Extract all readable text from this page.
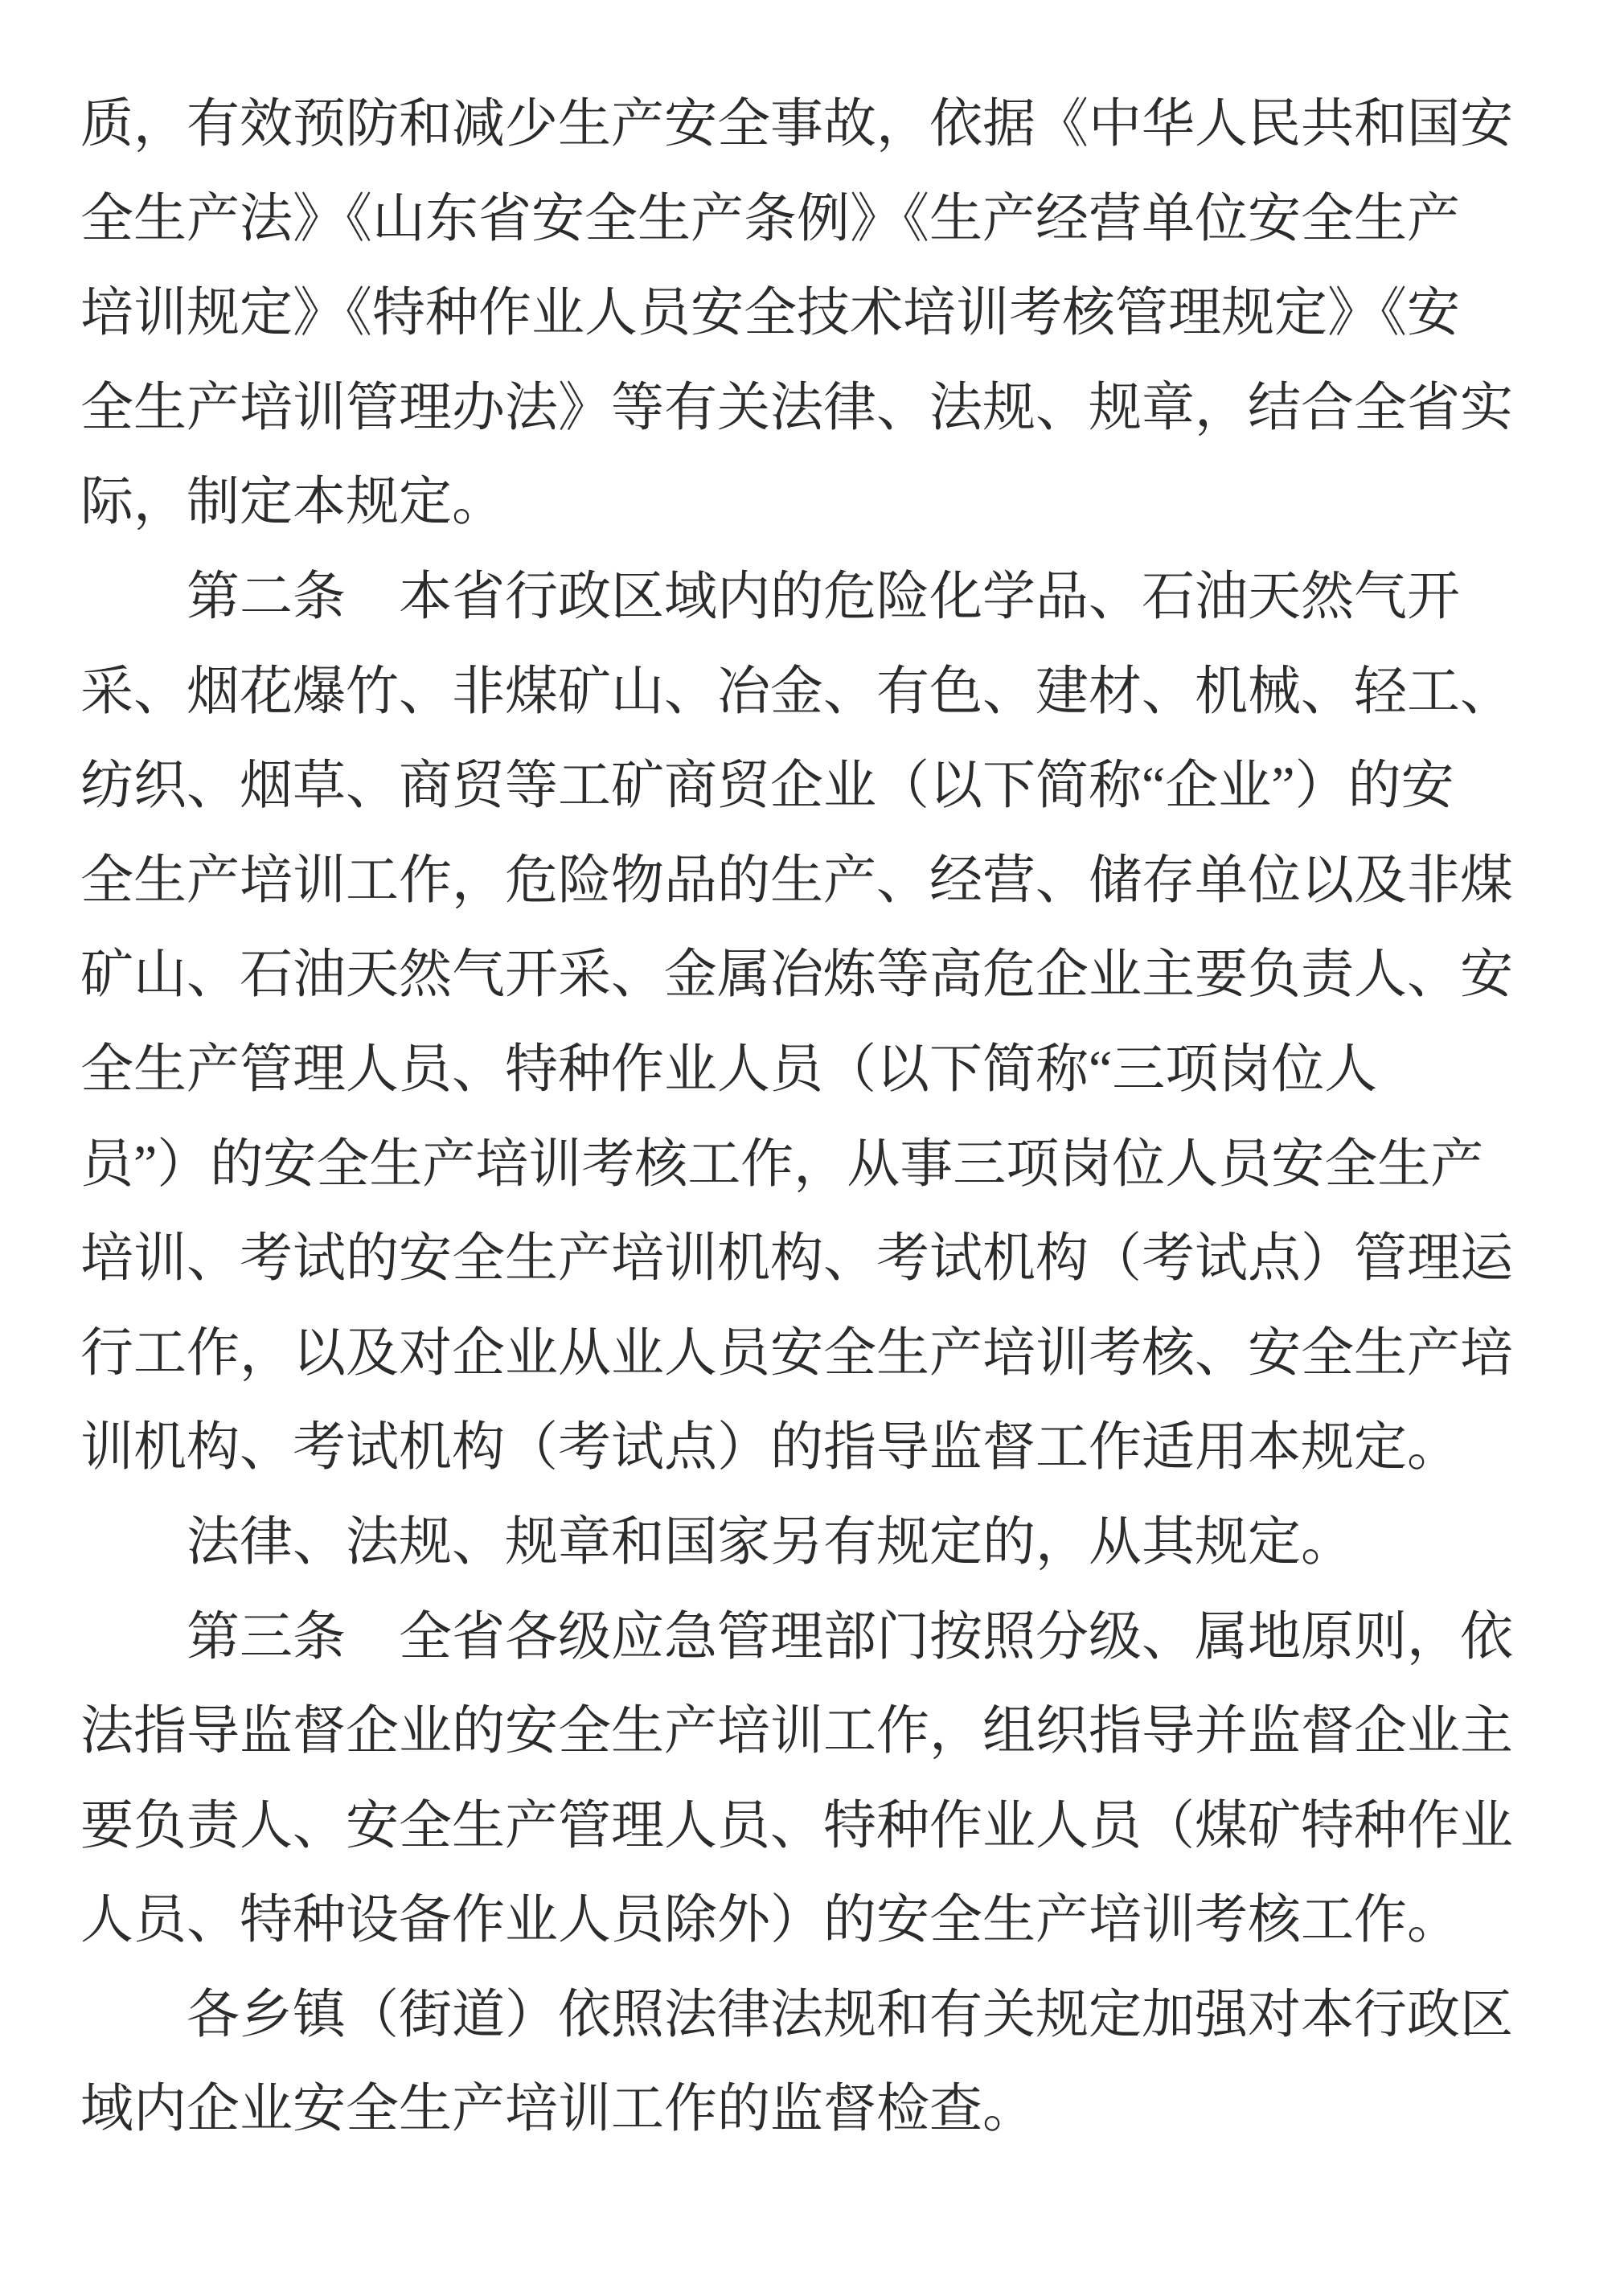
质，有效预防和减少生产安全事故，依据《中华人民共和国安
全生产法》《山东省安全生产条例》《生产经营单位安全生产
培训规定》《特种作业人员安全技术培训考核管理规定》《安
全生产培训管理办法》等有关法律、法规、规章，结合全省实
际，制定本规定。
　　第二条　本省行政区域内的危险化学品、石油天然气开
采、烟花爆竹、非煤矿山、冶金、有色、建材、机械、轻工、
纺织、烟草、商贸等工矿商贸企业（以下简称“企业”）的安
全生产培训工作，危险物品的生产、经营、储存单位以及非煤
矿山、石油天然气开采、金属冶炼等高危企业主要负责人、安
全生产管理人员、特种作业人员（以下简称“三项岗位人
员”）的安全生产培训考核工作，从事三项岗位人员安全生产
培训、考试的安全生产培训机构、考试机构（考试点）管理运
行工作，以及对企业从业人员安全生产培训考核、安全生产培
训机构、考试机构（考试点）的指导监督工作适用本规定。
　　法律、法规、规章和国家另有规定的，从其规定。
　　第三条　全省各级应急管理部门按照分级、属地原则，依
法指导监督企业的安全生产培训工作，组织指导并监督企业主
要负责人、安全生产管理人员、特种作业人员（煤矿特种作业
人员、特种设备作业人员除外）的安全生产培训考核工作。
　　各乡镇（街道）依照法律法规和有关规定加强对本行政区
域内企业安全生产培训工作的监督检查。
